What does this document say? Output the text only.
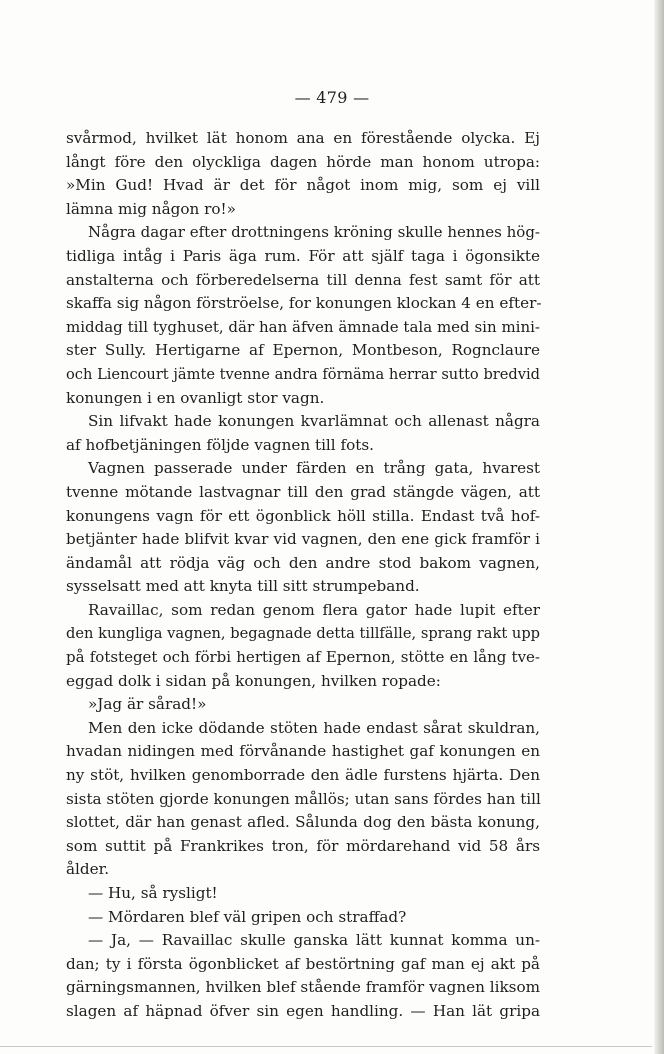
— 479 —
svårmod, hvilket lät honom ana en förestående olycka. Ej
långt före den olyckliga dagen hörde man honom utropa:
»Min Gud! Hvad är det för något inom mig, som ej vill
lämna mig någon ro!»
Några dagar efter drottningens kröning skulle hennes hög-
tidliga intåg i Paris äga rum. För att själf taga i ögonsikte
anstalterna och förberedelserna till denna fest samt för att
skaffa sig någon förströelse, for konungen klockan 4 en efter-
middag till tyghuset, där han äfven ämnade tala med sin mini-
ster Sully. Hertigarne af Epernon, Montbeson, Rognclaure
och Liencourt jämte tvenne andra förnäma herrar sutto bredvid
konungen i en ovanligt stor vagn.
Sin lifvakt hade konungen kvarlämnat och allenast några
af hofbetjäningen följde vagnen till fots.
Vagnen passerade under färden en trång gata, hvarest
tvenne mötande lastvagnar till den grad stängde vägen, att
konungens vagn för ett ögonblick höll stilla. Endast två hof-
betjänter hade blifvit kvar vid vagnen, den ene gick framför i
ändamål att rödja väg och den andre stod bakom vagnen,
sysselsatt med att knyta till sitt strumpeband.
Ravaillac, som redan genom flera gator hade lupit efter
den kungliga vagnen, begagnade detta tillfälle, sprang rakt upp
på fotsteget och förbi hertigen af Epernon, stötte en lång tve-
eggad dolk i sidan på konungen, hvilken ropade:
»Jag är sårad!»
Men den icke dödande stöten hade endast sårat skuldran,
hvadan nidingen med förvånande hastighet gaf konungen en
ny stöt, hvilken genomborrade den ädle furstens hjärta. Den
sista stöten gjorde konungen mållös; utan sans fördes han till
slottet, där han genast afled. Sålunda dog den bästa konung,
som suttit på Frankrikes tron, för mördarehand vid 58 års
ålder.
— Hu, så rysligt!
— Mördaren blef väl gripen och straffad?
— Ja, — Ravaillac skulle ganska lätt kunnat komma un-
dan; ty i första ögonblicket af bestörtning gaf man ej akt på
gärningsmannen, hvilken blef stående framför vagnen liksom
slagen af häpnad öfver sin egen handling. — Han lät gripa
